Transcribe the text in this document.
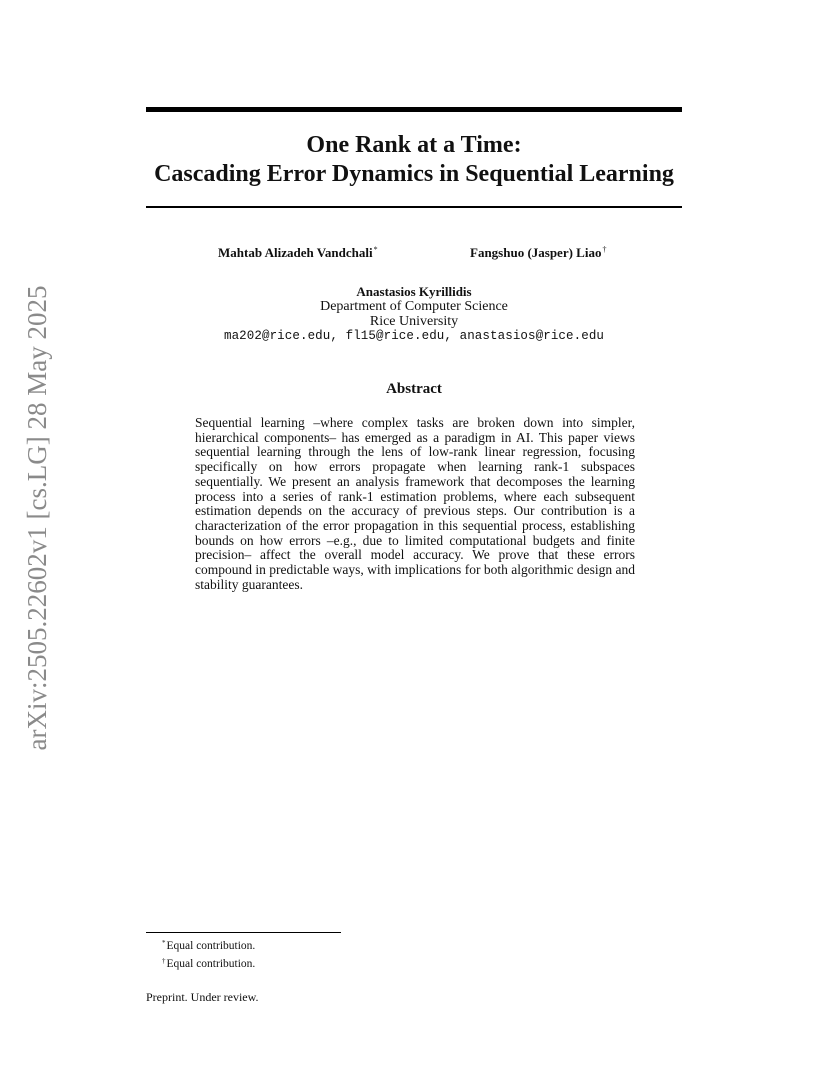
arXiv:2505.22602v1 [cs.LG] 28 May 2025
One Rank at a Time:
Cascading Error Dynamics in Sequential Learning
Mahtab Alizadeh Vandchali*	Fangshuo (Jasper) Liao†
Anastasios Kyrillidis
Department of Computer Science
Rice University
ma202@rice.edu, fl15@rice.edu, anastasios@rice.edu
Abstract
Sequential learning –where complex tasks are broken down into simpler, hierarchical components– has emerged as a paradigm in AI. This paper views sequential learning through the lens of low-rank linear regression, focusing specifically on how errors propagate when learning rank-1 subspaces sequentially. We present an analysis framework that decomposes the learning process into a series of rank-1 estimation problems, where each subsequent estimation depends on the accuracy of previous steps. Our contribution is a characterization of the error propagation in this sequential process, establishing bounds on how errors –e.g., due to limited computational budgets and finite precision– affect the overall model accuracy. We prove that these errors compound in predictable ways, with implications for both algorithmic design and stability guarantees.
*Equal contribution.
†Equal contribution.
Preprint. Under review.
